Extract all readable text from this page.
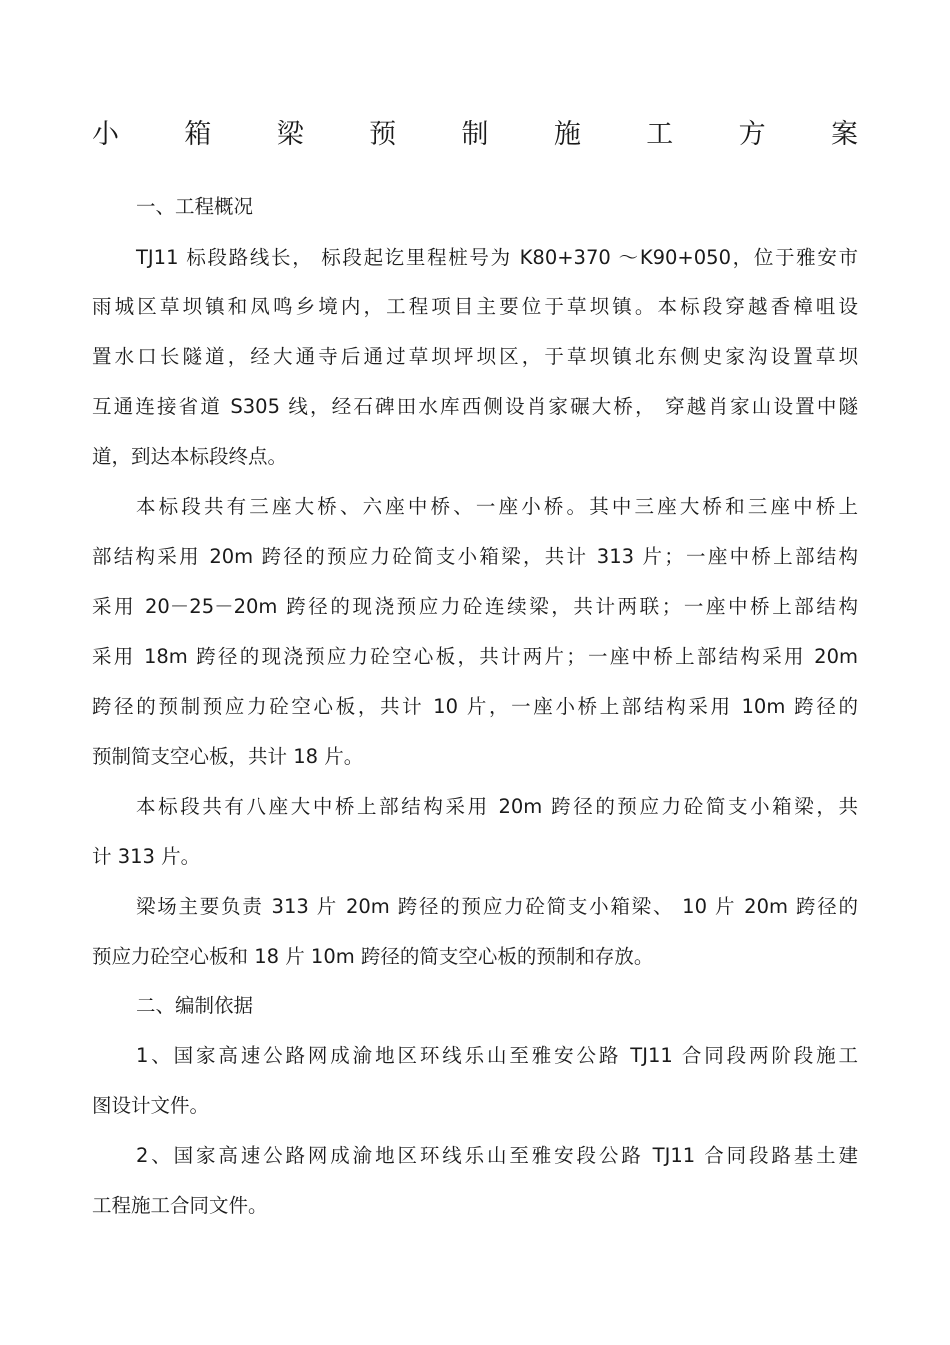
小 箱 梁 预 制 施 工 方 案

一、工程概况

TJ11 标段路线长， 标段起讫里程桩号为 K80+370 ～K90+050，位于雅安市

雨城区草坝镇和凤鸣乡境内，工程项目主要位于草坝镇。本标段穿越香樟咀设

置水口长隧道，经大通寺后通过草坝坪坝区，于草坝镇北东侧史家沟设置草坝

互通连接省道 S305 线，经石碑田水库西侧设肖家碾大桥， 穿越肖家山设置中隧

道，到达本标段终点。

本标段共有三座大桥、六座中桥、一座小桥。其中三座大桥和三座中桥上

部结构采用 20m 跨径的预应力砼简支小箱梁，共计 313 片；一座中桥上部结构

采用 20－25－20m 跨径的现浇预应力砼连续梁，共计两联；一座中桥上部结构

采用 18m 跨径的现浇预应力砼空心板，共计两片；一座中桥上部结构采用 20m

跨径的预制预应力砼空心板，共计 10 片，一座小桥上部结构采用 10m 跨径的

预制简支空心板，共计 18 片。

本标段共有八座大中桥上部结构采用 20m 跨径的预应力砼简支小箱梁，共

计 313 片。

梁场主要负责 313 片 20m 跨径的预应力砼简支小箱梁、 10 片 20m 跨径的

预应力砼空心板和 18 片 10m 跨径的简支空心板的预制和存放。

二、编制依据

1、国家高速公路网成渝地区环线乐山至雅安公路 TJ11 合同段两阶段施工

图设计文件。

2、国家高速公路网成渝地区环线乐山至雅安段公路 TJ11 合同段路基土建

工程施工合同文件。
